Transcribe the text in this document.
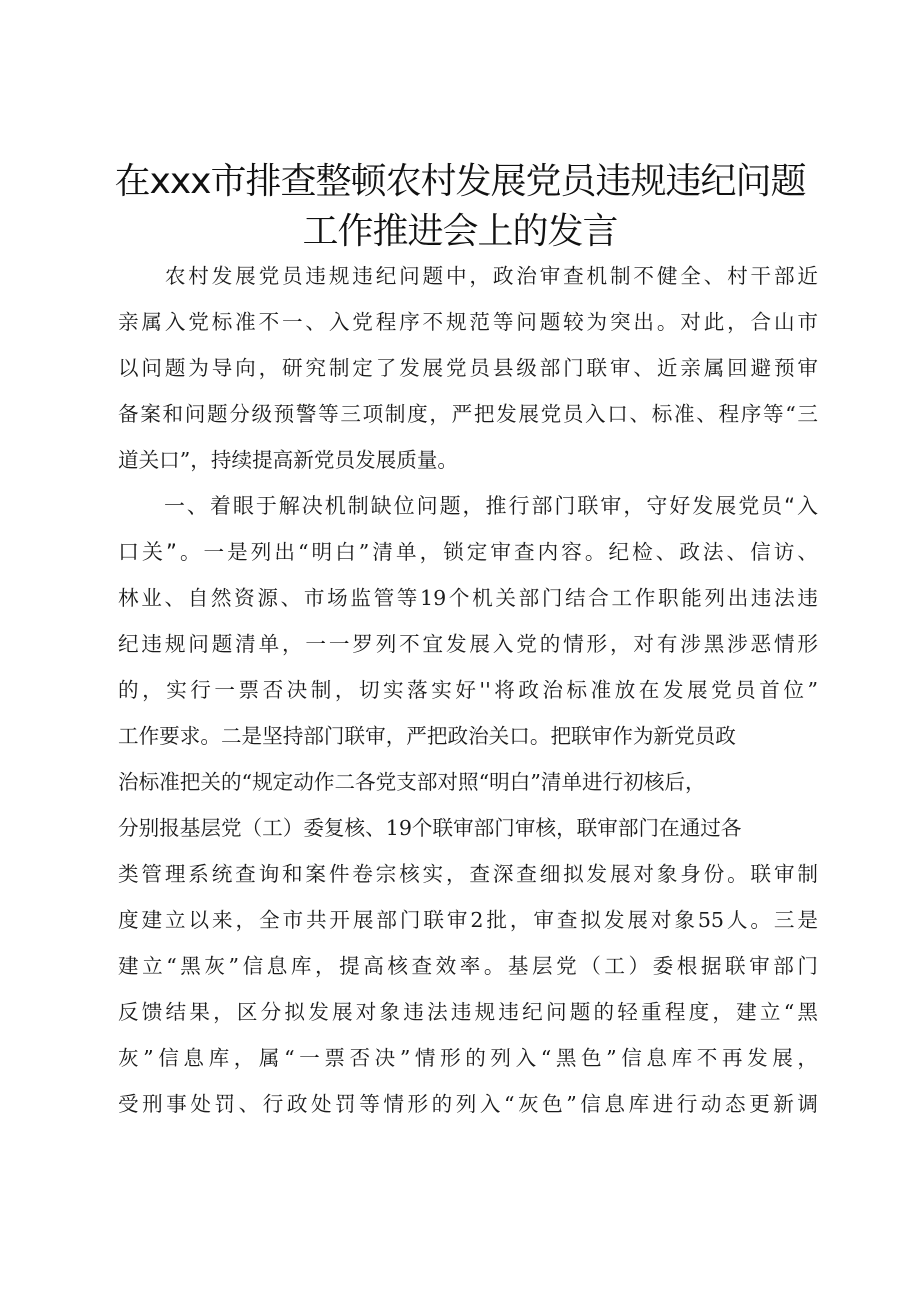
在xxx市排查整顿农村发展党员违规违纪问题
工作推进会上的发言
　　农村发展党员违规违纪问题中，政治审查机制不健全、村干部近
亲属入党标准不一、入党程序不规范等问题较为突出。对此，合山市
以问题为导向，研究制定了发展党员县级部门联审、近亲属回避预审
备案和问题分级预警等三项制度，严把发展党员入口、标准、程序等“三
道关口”，持续提高新党员发展质量。
　　一、着眼于解决机制缺位问题，推行部门联审，守好发展党员“入
口关”。一是列出“明白”清单，锁定审查内容。纪检、政法、信访、
林业、自然资源、市场监管等19个机关部门结合工作职能列出违法违
纪违规问题清单，一一罗列不宜发展入党的情形，对有涉黑涉恶情形
的，实行一票否决制，切实落实好''将政治标准放在发展党员首位”
工作要求。二是坚持部门联审，严把政治关口。把联审作为新党员政
治标准把关的“规定动作二各党支部对照“明白”清单进行初核后，
分别报基层党（工）委复核、19个联审部门审核，联审部门在通过各
类管理系统查询和案件卷宗核实，查深查细拟发展对象身份。联审制
度建立以来，全市共开展部门联审2批，审查拟发展对象55人。三是
建立“黑灰”信息库，提高核查效率。基层党（工）委根据联审部门
反馈结果，区分拟发展对象违法违规违纪问题的轻重程度，建立“黑
灰”信息库，属“一票否决”情形的列入“黑色”信息库不再发展，
受刑事处罚、行政处罚等情形的列入“灰色”信息库进行动态更新调
